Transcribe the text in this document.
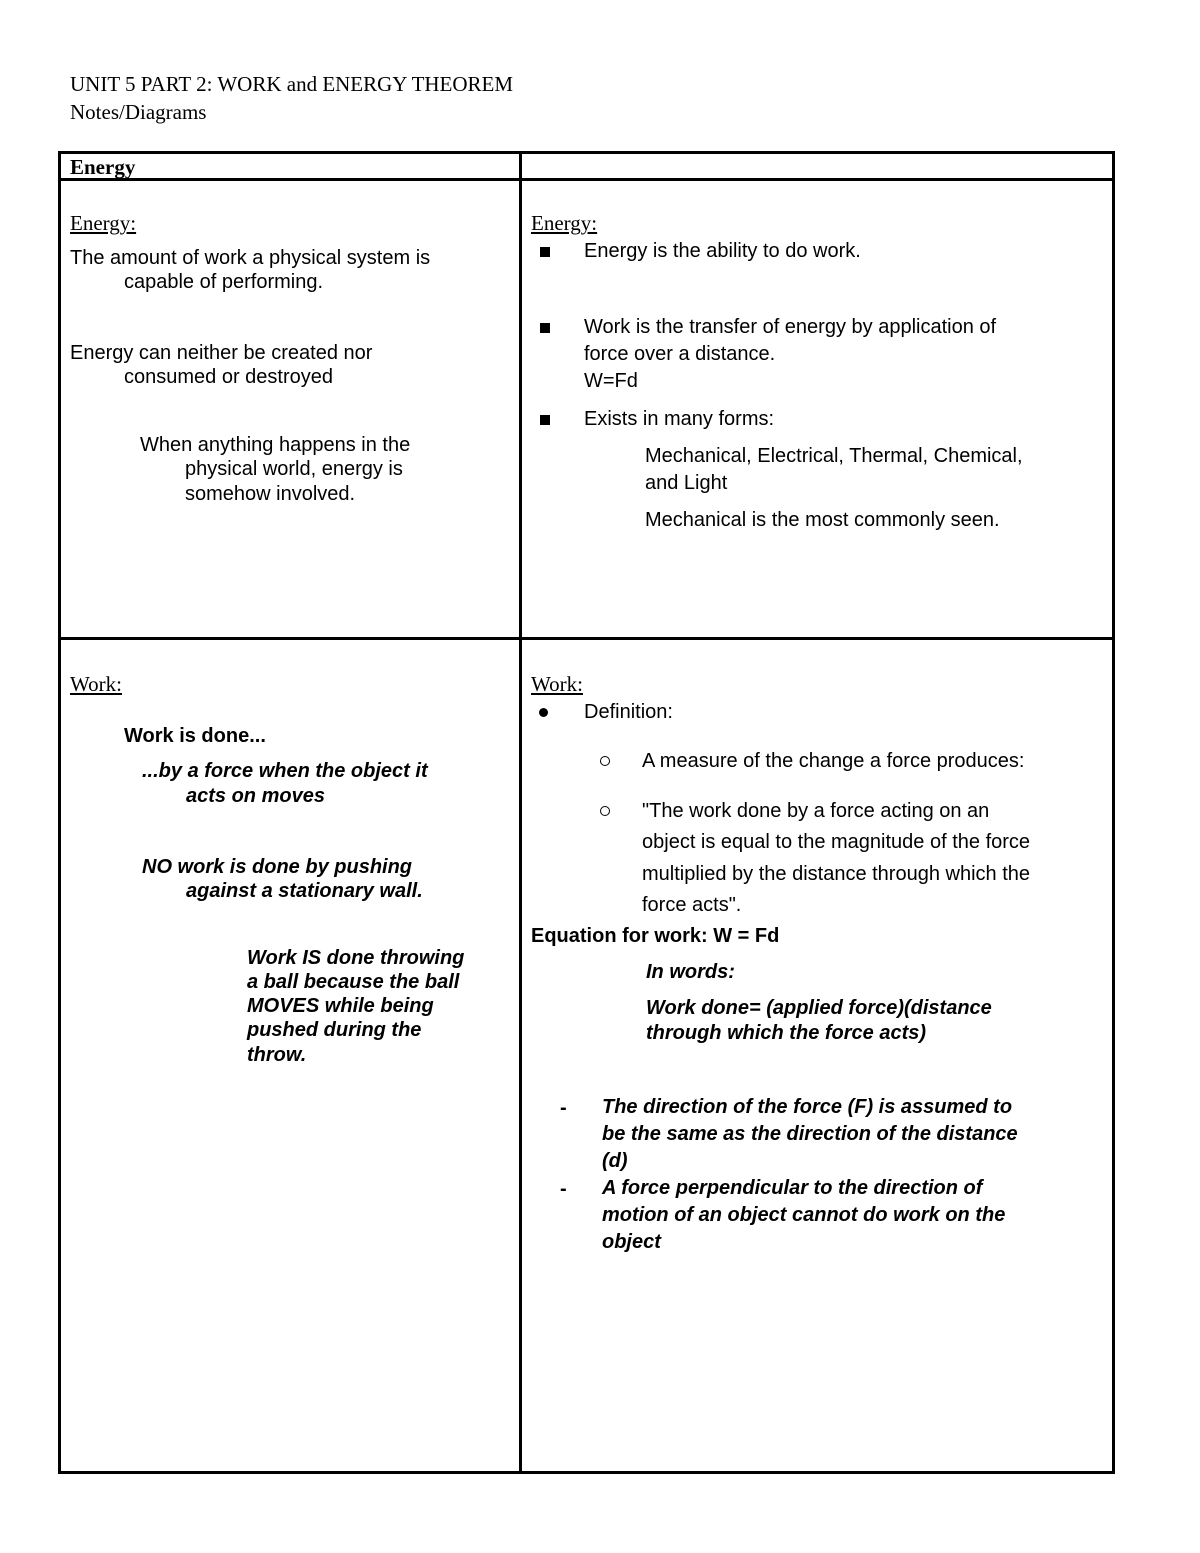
UNIT 5 PART 2: WORK and ENERGY THEOREM
Notes/Diagrams
Energy
Energy:
The amount of work a physical system is
capable of performing.
Energy can neither be created nor
consumed or destroyed
When anything happens in the
physical world, energy is
somehow involved.
Energy:
Energy is the ability to do work.
Work is the transfer of energy by application of
force over a distance.
W=Fd
Exists in many forms:
Mechanical, Electrical, Thermal, Chemical,
and Light
Mechanical is the most commonly seen.
Work:
Work is done...
...by a force when the object it
acts on moves
NO work is done by pushing
against a stationary wall.
Work IS done throwing
a ball because the ball
MOVES while being
pushed during the
throw.
Work:
Definition:
A measure of the change a force produces:
"The work done by a force acting on an
object is equal to the magnitude of the force
multiplied by the distance through which the
force acts".
Equation for work: W = Fd
In words:
Work done= (applied force)(distance
through which the force acts)
- The direction of the force (F) is assumed to
be the same as the direction of the distance
(d)
- A force perpendicular to the direction of
motion of an object cannot do work on the
object
